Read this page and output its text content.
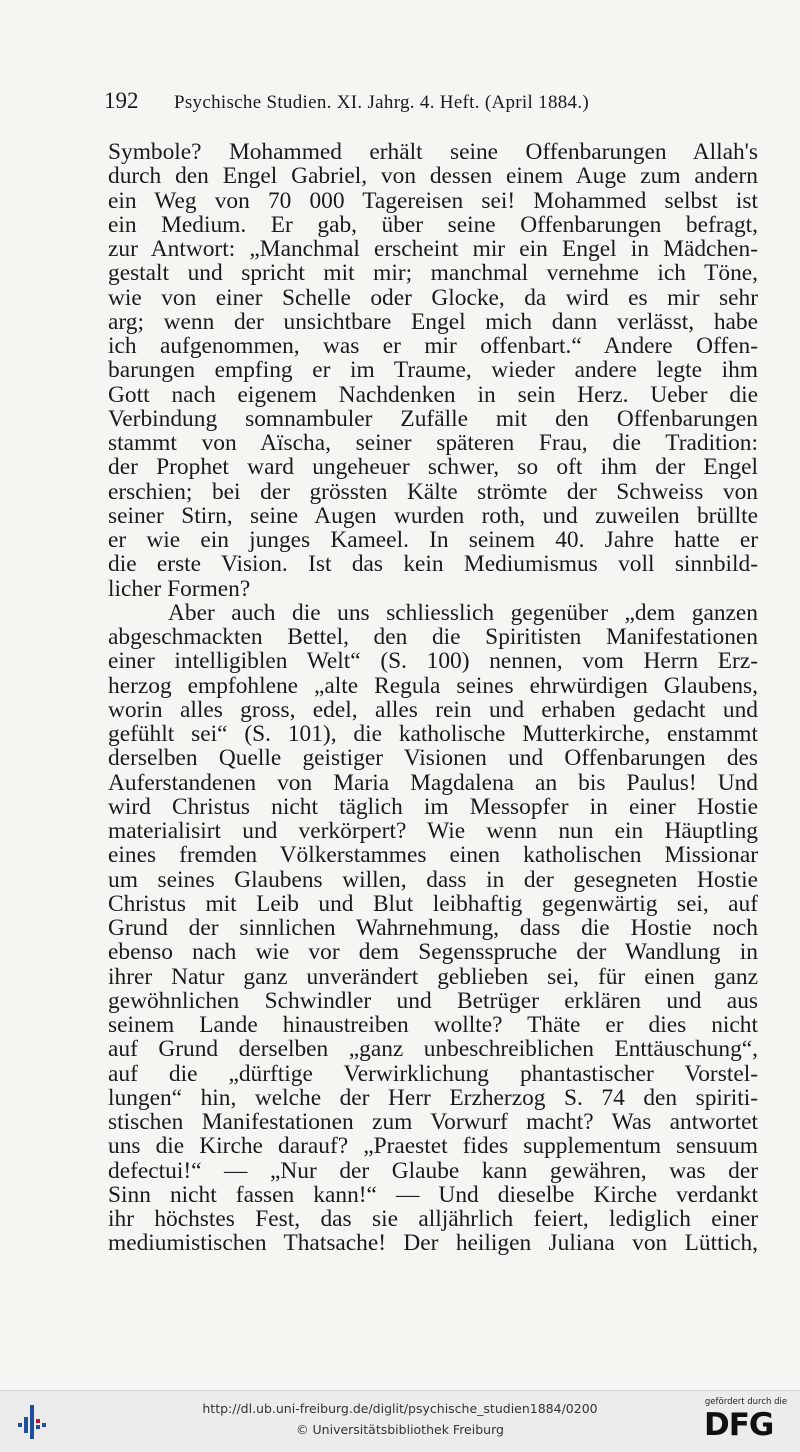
192 Psychische Studien. XI. Jahrg. 4. Heft. (April 1884.)
Symbole? Mohammed erhält seine Offenbarungen Allah's
durch den Engel Gabriel, von dessen einem Auge zum andern
ein Weg von 70 000 Tagereisen sei! Mohammed selbst ist
ein Medium. Er gab, über seine Offenbarungen befragt,
zur Antwort: „Manchmal erscheint mir ein Engel in Mädchen-
gestalt und spricht mit mir; manchmal vernehme ich Töne,
wie von einer Schelle oder Glocke, da wird es mir sehr
arg; wenn der unsichtbare Engel mich dann verlässt, habe
ich aufgenommen, was er mir offenbart.“ Andere Offen-
barungen empfing er im Traume, wieder andere legte ihm
Gott nach eigenem Nachdenken in sein Herz. Ueber die
Verbindung somnambuler Zufälle mit den Offenbarungen
stammt von Aïscha, seiner späteren Frau, die Tradition:
der Prophet ward ungeheuer schwer, so oft ihm der Engel
erschien; bei der grössten Kälte strömte der Schweiss von
seiner Stirn, seine Augen wurden roth, und zuweilen brüllte
er wie ein junges Kameel. In seinem 40. Jahre hatte er
die erste Vision. Ist das kein Mediumismus voll sinnbild-
licher Formen?
Aber auch die uns schliesslich gegenüber „dem ganzen
abgeschmackten Bettel, den die Spiritisten Manifestationen
einer intelligiblen Welt“ (S. 100) nennen, vom Herrn Erz-
herzog empfohlene „alte Regula seines ehrwürdigen Glaubens,
worin alles gross, edel, alles rein und erhaben gedacht und
gefühlt sei“ (S. 101), die katholische Mutterkirche, enstammt
derselben Quelle geistiger Visionen und Offenbarungen des
Auferstandenen von Maria Magdalena an bis Paulus! Und
wird Christus nicht täglich im Messopfer in einer Hostie
materialisirt und verkörpert? Wie wenn nun ein Häuptling
eines fremden Völkerstammes einen katholischen Missionar
um seines Glaubens willen, dass in der gesegneten Hostie
Christus mit Leib und Blut leibhaftig gegenwärtig sei, auf
Grund der sinnlichen Wahrnehmung, dass die Hostie noch
ebenso nach wie vor dem Segensspruche der Wandlung in
ihrer Natur ganz unverändert geblieben sei, für einen ganz
gewöhnlichen Schwindler und Betrüger erklären und aus
seinem Lande hinaustreiben wollte? Thäte er dies nicht
auf Grund derselben „ganz unbeschreiblichen Enttäuschung“,
auf die „dürftige Verwirklichung phantastischer Vorstel-
lungen“ hin, welche der Herr Erzherzog S. 74 den spiriti-
stischen Manifestationen zum Vorwurf macht? Was antwortet
uns die Kirche darauf? „Praestet fides supplementum sensuum
defectui!“ — „Nur der Glaube kann gewähren, was der
Sinn nicht fassen kann!“ — Und dieselbe Kirche verdankt
ihr höchstes Fest, das sie alljährlich feiert, lediglich einer
mediumistischen Thatsache! Der heiligen Juliana von Lüttich,
http://dl.ub.uni-freiburg.de/diglit/psychische_studien1884/0200
© Universitätsbibliothek Freiburg
gefördert durch die
DFG
